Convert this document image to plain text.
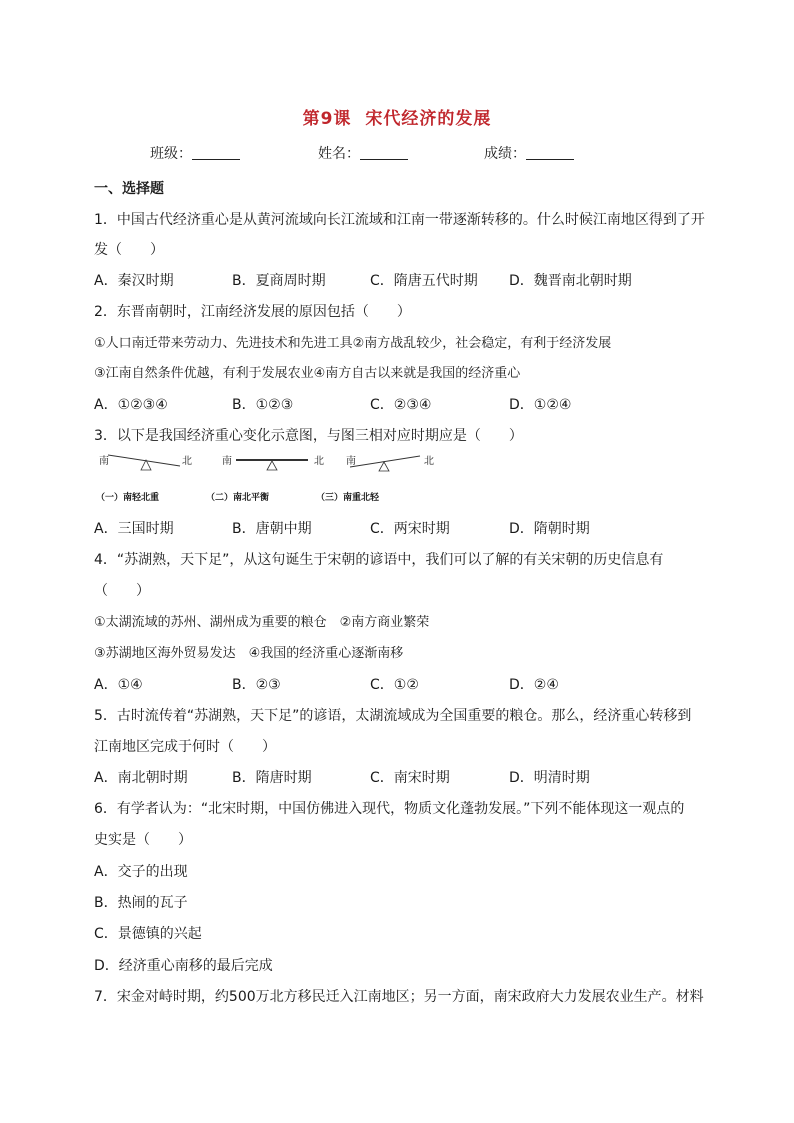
第9课 宋代经济的发展
班级：	姓名：	成绩：
一、选择题
1．中国古代经济重心是从黄河流域向长江流域和江南一带逐渐转移的。什么时候江南地区得到了开
发（　　）
A．秦汉时期	B．夏商周时期	C．隋唐五代时期 D．魏晋南北朝时期
2．东晋南朝时，江南经济发展的原因包括（　　）
①人口南迁带来劳动力、先进技术和先进工具②南方战乱较少，社会稳定，有利于经济发展
③江南自然条件优越，有利于发展农业④南方自古以来就是我国的经济重心
A．①②③④	B．①②③	C．②③④	D．①②④
3．以下是我国经济重心变化示意图，与图三相对应时期应是（　　）
南	北	南	北 南	北
（一）南轻北重	（二）南北平衡	（三）南重北轻
A．三国时期	B．唐朝中期	C．两宋时期	D．隋朝时期
4．“苏湖熟，天下足”，从这句诞生于宋朝的谚语中，我们可以了解的有关宋朝的历史信息有
（　　）
①太湖流域的苏州、湖州成为重要的粮仓　②南方商业繁荣
③苏湖地区海外贸易发达　④我国的经济重心逐渐南移
A．①④	B．②③	C．①②	D．②④
5．古时流传着“苏湖熟，天下足”的谚语，太湖流域成为全国重要的粮仓。那么，经济重心转移到
江南地区完成于何时（　　）
A．南北朝时期	B．隋唐时期	C．南宋时期	D．明清时期
6．有学者认为：“北宋时期，中国仿佛进入现代，物质文化蓬勃发展。”下列不能体现这一观点的
史实是（　　）
A．交子的出现
B．热闹的瓦子
C．景德镇的兴起
D．经济重心南移的最后完成
7．宋金对峙时期，约500万北方移民迁入江南地区；另一方面，南宋政府大力发展农业生产。材料
